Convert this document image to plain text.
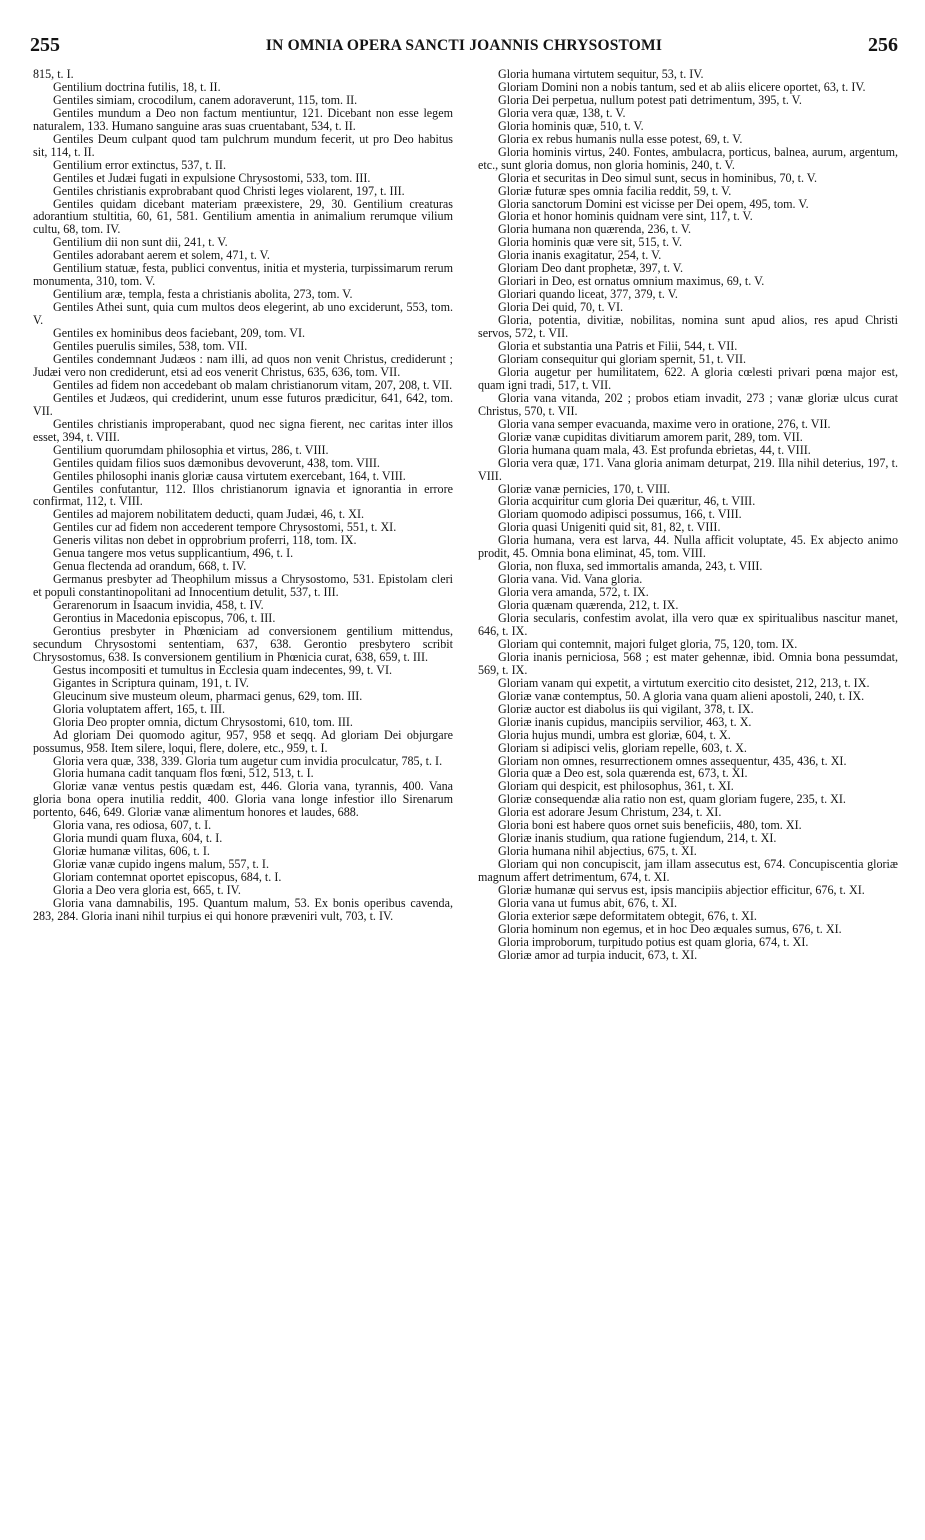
255	IN OMNIA OPERA SANCTI JOANNIS CHRYSOSTOMI	256

815, t. I.

Gentilium doctrina futilis, 18, t. II.

Gentiles simiam, crocodilum, canem adoraverunt, 115, tom. II.

Gentiles mundum a Deo non factum mentiuntur, 121. Dicebant non esse legem naturalem, 133. Humano sanguine aras suas cruentabant, 534, t. II.

Gentiles Deum culpant quod tam pulchrum mundum fecerit, ut pro Deo habitus sit, 114, t. II.

Gentilium error extinctus, 537, t. II.

Gentiles et Judæi fugati in expulsione Chrysostomi, 533, tom. III.

Gentiles christianis exprobrabant quod Christi leges violarent, 197, t. III.

Gentiles quidam dicebant materiam præexistere, 29, 30. Gentilium creaturas adorantium stultitia, 60, 61, 581. Gentilium amentia in animalium rerumque vilium cultu, 68, tom. IV.

Gentilium dii non sunt dii, 241, t. V.

Gentiles adorabant aerem et solem, 471, t. V.

Gentilium statuæ, festa, publici conventus, initia et mysteria, turpissimarum rerum monumenta, 310, tom. V.

Gentilium aræ, templa, festa a christianis abolita, 273, tom. V.

Gentiles Athei sunt, quia cum multos deos elegerint, ab uno exciderunt, 553, tom. V.

Gentiles ex hominibus deos faciebant, 209, tom. VI.

Gentiles puerulis similes, 538, tom. VII.

Gentiles condemnant Judæos : nam illi, ad quos non venit Christus, crediderunt ; Judæi vero non crediderunt, etsi ad eos venerit Christus, 635, 636, tom. VII.

Gentiles ad fidem non accedebant ob malam christianorum vitam, 207, 208, t. VII.

Gentiles et Judæos, qui crediderint, unum esse futuros prædicitur, 641, 642, tom. VII.

Gentiles christianis improperabant, quod nec signa fierent, nec caritas inter illos esset, 394, t. VIII.

Gentilium quorumdam philosophia et virtus, 286, t. VIII.

Gentiles quidam filios suos dæmonibus devoverunt, 438, tom. VIII.

Gentiles philosophi inanis gloriæ causa virtutem exercebant, 164, t. VIII.

Gentiles confutantur, 112. Illos christianorum ignavia et ignorantia in errore confirmat, 112, t. VIII.

Gentiles ad majorem nobilitatem deducti, quam Judæi, 46, t. XI.

Gentiles cur ad fidem non accederent tempore Chrysostomi, 551, t. XI.

Generis vilitas non debet in opprobrium proferri, 118, tom. IX.

Genua tangere mos vetus supplicantium, 496, t. I.

Genua flectenda ad orandum, 668, t. IV.

Germanus presbyter ad Theophilum missus a Chrysostomo, 531. Epistolam cleri et populi constantinopolitani ad Innocentium detulit, 537, t. III.

Gerarenorum in Isaacum invidia, 458, t. IV.

Gerontius in Macedonia episcopus, 706, t. III.

Gerontius presbyter in Phœniciam ad conversionem gentilium mittendus, secundum Chrysostomi sententiam, 637, 638. Gerontio presbytero scribit Chrysostomus, 638. Is conversionem gentilium in Phœnicia curat, 638, 659, t. III.

Gestus incompositi et tumultus in Ecclesia quam indecentes, 99, t. VI.

Gigantes in Scriptura quinam, 191, t. IV.

Gleucinum sive musteum oleum, pharmaci genus, 629, tom. III.

Gloria voluptatem affert, 165, t. III.

Gloria Deo propter omnia, dictum Chrysostomi, 610, tom. III.

Ad gloriam Dei quomodo agitur, 957, 958 et seqq. Ad gloriam Dei objurgare possumus, 958. Item silere, loqui, flere, dolere, etc., 959, t. I.

Gloria vera quæ, 338, 339. Gloria tum augetur cum invidia proculcatur, 785, t. I.

Gloria humana cadit tanquam flos fœni, 512, 513, t. I.

Gloriæ vanæ ventus pestis quædam est, 446. Gloria vana, tyrannis, 400. Vana gloria bona opera inutilia reddit, 400. Gloria vana longe infestior illo Sirenarum portento, 646, 649. Gloriæ vanæ alimentum honores et laudes, 688.

Gloria vana, res odiosa, 607, t. I.

Gloria mundi quam fluxa, 604, t. I.

Gloriæ humanæ vilitas, 606, t. I.

Gloriæ vanæ cupido ingens malum, 557, t. I.

Gloriam contemnat oportet episcopus, 684, t. I.

Gloria a Deo vera gloria est, 665, t. IV.

Gloria vana damnabilis, 195. Quantum malum, 53. Ex bonis operibus cavenda, 283, 284. Gloria inani nihil turpius ei qui honore præveniri vult, 703, t. IV.

Gloria humana virtutem sequitur, 53, t. IV.

Gloriam Domini non a nobis tantum, sed et ab aliis elicere oportet, 63, t. IV.

Gloria Dei perpetua, nullum potest pati detrimentum, 395, t. V.

Gloria vera quæ, 138, t. V.

Gloria hominis quæ, 510, t. V.

Gloria ex rebus humanis nulla esse potest, 69, t. V.

Gloria hominis virtus, 240. Fontes, ambulacra, porticus, balnea, aurum, argentum, etc., sunt gloria domus, non gloria hominis, 240, t. V.

Gloria et securitas in Deo simul sunt, secus in hominibus, 70, t. V.

Gloriæ futuræ spes omnia facilia reddit, 59, t. V.

Gloria sanctorum Domini est vicisse per Dei opem, 495, tom. V.

Gloria et honor hominis quidnam vere sint, 117, t. V.

Gloria humana non quærenda, 236, t. V.

Gloria hominis quæ vere sit, 515, t. V.

Gloria inanis exagitatur, 254, t. V.

Gloriam Deo dant prophetæ, 397, t. V.

Gloriari in Deo, est ornatus omnium maximus, 69, t. V.

Gloriari quando liceat, 377, 379, t. V.

Gloria Dei quid, 70, t. VI.

Gloria, potentia, divitiæ, nobilitas, nomina sunt apud alios, res apud Christi servos, 572, t. VII.

Gloria et substantia una Patris et Filii, 544, t. VII.

Gloriam consequitur qui gloriam spernit, 51, t. VII.

Gloria augetur per humilitatem, 622. A gloria cœlesti privari pœna major est, quam igni tradi, 517, t. VII.

Gloria vana vitanda, 202 ; probos etiam invadit, 273 ; vanæ gloriæ ulcus curat Christus, 570, t. VII.

Gloria vana semper evacuanda, maxime vero in oratione, 276, t. VII.

Gloriæ vanæ cupiditas divitiarum amorem parit, 289, tom. VII.

Gloria humana quam mala, 43. Est profunda ebrietas, 44, t. VIII.

Gloria vera quæ, 171. Vana gloria animam deturpat, 219. Illa nihil deterius, 197, t. VIII.

Gloriæ vanæ pernicies, 170, t. VIII.

Gloria acquiritur cum gloria Dei quæritur, 46, t. VIII.

Gloriam quomodo adipisci possumus, 166, t. VIII.

Gloria quasi Unigeniti quid sit, 81, 82, t. VIII.

Gloria humana, vera est larva, 44. Nulla afficit voluptate, 45. Ex abjecto animo prodit, 45. Omnia bona eliminat, 45, tom. VIII.

Gloria, non fluxa, sed immortalis amanda, 243, t. VIII.

Gloria vana. Vid. Vana gloria.

Gloria vera amanda, 572, t. IX.

Gloria quænam quærenda, 212, t. IX.

Gloria secularis, confestim avolat, illa vero quæ ex spiritualibus nascitur manet, 646, t. IX.

Gloriam qui contemnit, majori fulget gloria, 75, 120, tom. IX.

Gloria inanis perniciosa, 568 ; est mater gehennæ, ibid. Omnia bona pessumdat, 569, t. IX.

Gloriam vanam qui expetit, a virtutum exercitio cito desistet, 212, 213, t. IX.

Gloriæ vanæ contemptus, 50. A gloria vana quam alieni apostoli, 240, t. IX.

Gloriæ auctor est diabolus iis qui vigilant, 378, t. IX.

Gloriæ inanis cupidus, mancipiis servilior, 463, t. X.

Gloria hujus mundi, umbra est gloriæ, 604, t. X.

Gloriam si adipisci velis, gloriam repelle, 603, t. X.

Gloriam non omnes, resurrectionem omnes assequentur, 435, 436, t. XI.

Gloria quæ a Deo est, sola quærenda est, 673, t. XI.

Gloriam qui despicit, est philosophus, 361, t. XI.

Gloriæ consequendæ alia ratio non est, quam gloriam fugere, 235, t. XI.

Gloria est adorare Jesum Christum, 234, t. XI.

Gloria boni est habere quos ornet suis beneficiis, 480, tom. XI.

Gloriæ inanis studium, qua ratione fugiendum, 214, t. XI.

Gloria humana nihil abjectius, 675, t. XI.

Gloriam qui non concupiscit, jam illam assecutus est, 674. Concupiscentia gloriæ magnum affert detrimentum, 674, t. XI.

Gloriæ humanæ qui servus est, ipsis mancipiis abjectior efficitur, 676, t. XI.

Gloria vana ut fumus abit, 676, t. XI.

Gloria exterior sæpe deformitatem obtegit, 676, t. XI.

Gloria hominum non egemus, et in hoc Deo æquales sumus, 676, t. XI.

Gloria improborum, turpitudo potius est quam gloria, 674, t. XI.

Gloriæ amor ad turpia inducit, 673, t. XI.
